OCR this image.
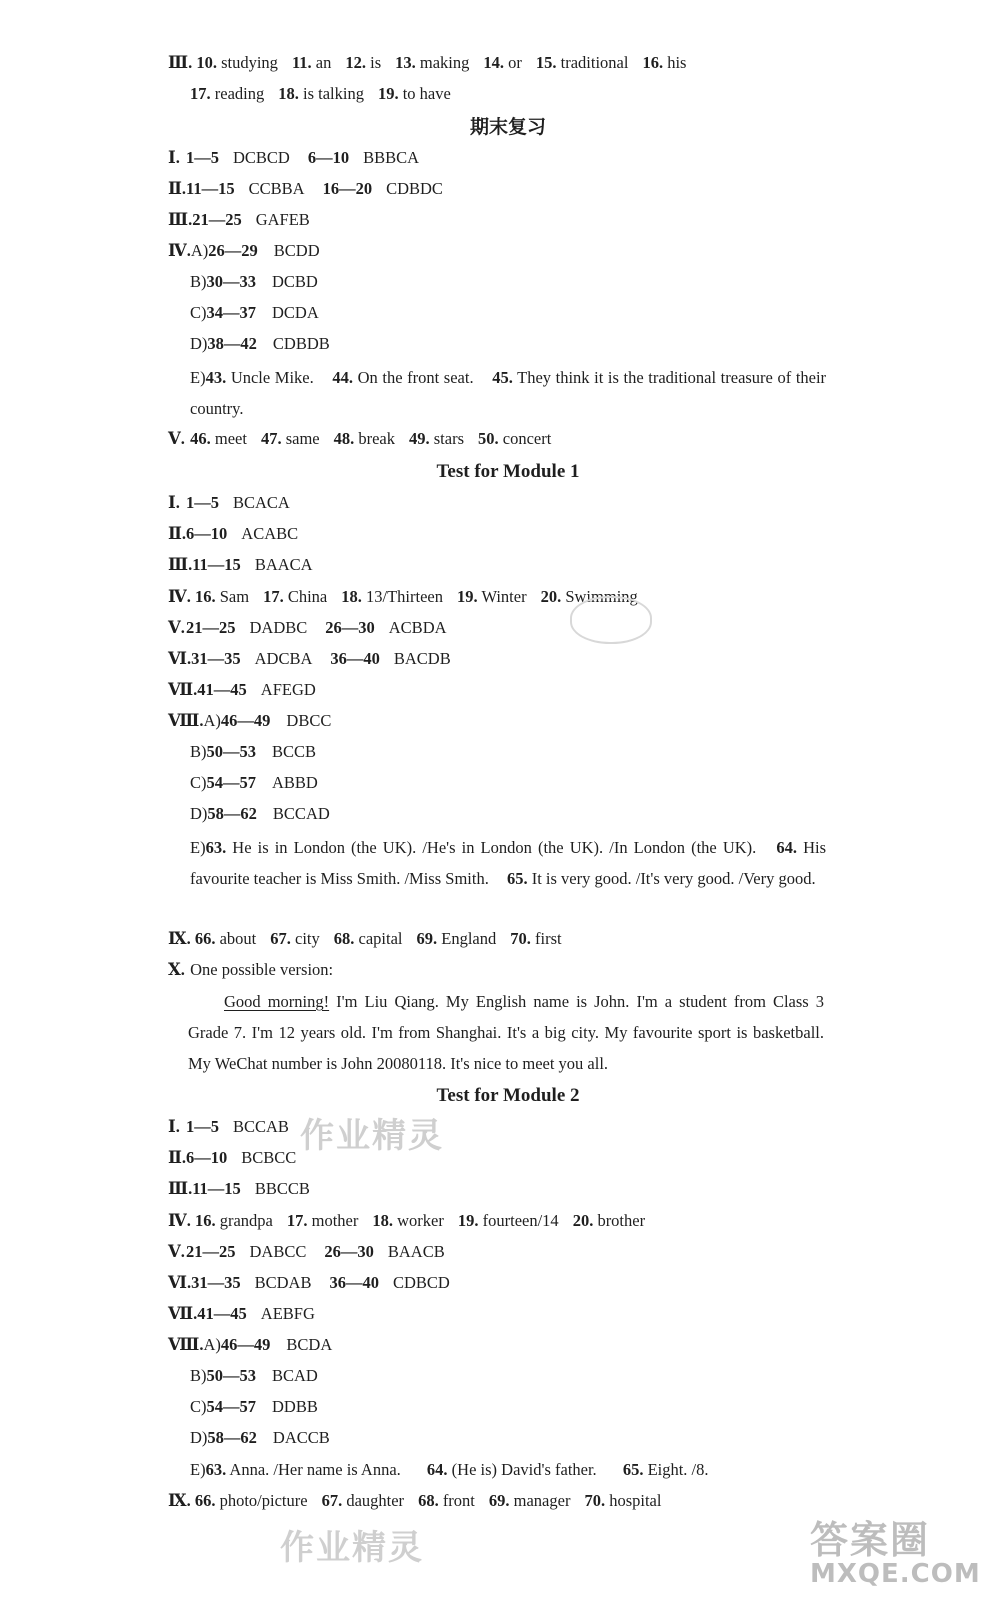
Ⅲ. 10. studying 11. an 12. is 13. making 14. or 15. traditional 16. his
17. reading 18. is talking 19. to have
期末复习
Ⅰ. 1—5 DCBCD 6—10 BBBCA
Ⅱ.11—15 CCBBA 16—20 CDBDC
Ⅲ.21—25 GAFEB
Ⅳ.A)26—29 BCDD
B)30—33 DCBD
C)34—37 DCDA
D)38—42 CDBDB
E)43. Uncle Mike. 44. On the front seat. 45. They think it is the traditional treasure of their country.
Ⅴ. 46. meet 47. same 48. break 49. stars 50. concert
Test for Module 1
Ⅰ. 1—5 BCACA
Ⅱ.6—10 ACABC
Ⅲ.11—15 BAACA
Ⅳ. 16. Sam 17. China 18. 13/Thirteen 19. Winter 20. Swimming
Ⅴ.21—25 DADBC 26—30 ACBDA
Ⅵ.31—35 ADCBA 36—40 BACDB
Ⅶ.41—45 AFEGD
Ⅷ.A)46—49 DBCC
B)50—53 BCCB
C)54—57 ABBD
D)58—62 BCCAD
E)63. He is in London (the UK). /He's in London (the UK). /In London (the UK). 64. His favourite teacher is Miss Smith. /Miss Smith. 65. It is very good. /It's very good. /Very good.
Ⅸ. 66. about 67. city 68. capital 69. England 70. first
Ⅹ. One possible version:
Good morning! I'm Liu Qiang. My English name is John. I'm a student from Class 3 Grade 7. I'm 12 years old. I'm from Shanghai. It's a big city. My favourite sport is basketball. My WeChat number is John 20080118. It's nice to meet you all.
Test for Module 2
Ⅰ. 1—5 BCCAB
Ⅱ.6—10 BCBCC
Ⅲ.11—15 BBCCB
Ⅳ. 16. grandpa 17. mother 18. worker 19. fourteen/14 20. brother
Ⅴ.21—25 DABCC 26—30 BAACB
Ⅵ.31—35 BCDAB 36—40 CDBCD
Ⅶ.41—45 AEBFG
Ⅷ.A)46—49 BCDA
B)50—53 BCAD
C)54—57 DDBB
D)58—62 DACCB
E)63. Anna. /Her name is Anna. 64. (He is) David's father. 65. Eight. /8.
Ⅸ. 66. photo/picture 67. daughter 68. front 69. manager 70. hospital
作业精灵
作业精灵	答案圈
MXQE.COM
